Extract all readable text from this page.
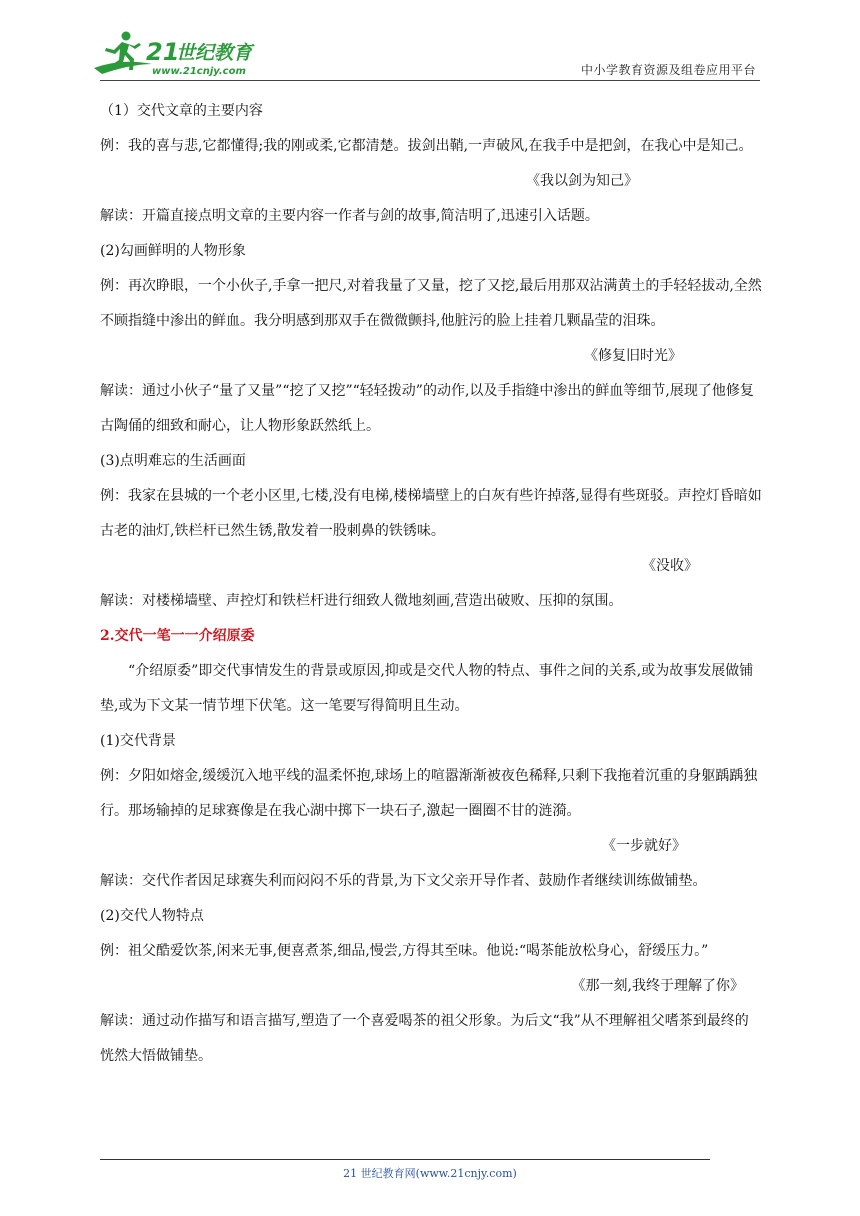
21
世纪教育
www.21cnjy.com	中小学教育资源及组卷应用平台

（1）交代文章的主要内容

例：我的喜与悲,它都懂得;我的刚或柔,它都清楚。拔剑出鞘,一声破风,在我手中是把剑，在我心中是知己。

《我以剑为知己》

解读：开篇直接点明文章的主要内容一作者与剑的故事,简洁明了,迅速引入话题。

(2)勾画鲜明的人物形象

例：再次睁眼，一个小伙子,手拿一把尺,对着我量了又量，挖了又挖,最后用那双沾满黄土的手轻轻拔动,全然不顾指缝中渗出的鲜血。我分明感到那双手在微微颤抖,他脏污的脸上挂着几颗晶莹的泪珠。

《修复旧时光》

解读：通过小伙子“量了又量”“挖了又挖”“轻轻拨动”的动作,以及手指缝中渗出的鲜血等细节,展现了他修复古陶俑的细致和耐心，让人物形象跃然纸上。

(3)点明难忘的生活画面

例：我家在县城的一个老小区里,七楼,没有电梯,楼梯墙壁上的白灰有些许掉落,显得有些斑驳。声控灯昏暗如古老的油灯,铁栏杆已然生锈,散发着一股刺鼻的铁锈味。

《没收》

解读：对楼梯墙壁、声控灯和铁栏杆进行细致人微地刻画,营造出破败、压抑的氛围。

2.交代一笔一一介绍原委

“介绍原委”即交代事情发生的背景或原因,抑或是交代人物的特点、事件之间的关系,或为故事发展做铺垫,或为下文某一情节埋下伏笔。这一笔要写得简明且生动。

(1)交代背景

例：夕阳如熔金,缓缓沉入地平线的温柔怀抱,球场上的喧嚣渐渐被夜色稀释,只剩下我拖着沉重的身躯踽踽独行。那场输掉的足球赛像是在我心湖中掷下一块石子,激起一圈圈不甘的涟漪。

《一步就好》

解读：交代作者因足球赛失利而闷闷不乐的背景,为下文父亲开导作者、鼓励作者继续训练做铺垫。

(2)交代人物特点

例：祖父酷爱饮茶,闲来无事,便喜煮茶,细品,慢尝,方得其至味。他说:“喝茶能放松身心，舒缓压力。”

《那一刻,我终于理解了你》

解读：通过动作描写和语言描写,塑造了一个喜爱喝茶的祖父形象。为后文“我”从不理解祖父嗜茶到最终的恍然大悟做铺垫。

21 世纪教育网(www.21cnjy.com)
